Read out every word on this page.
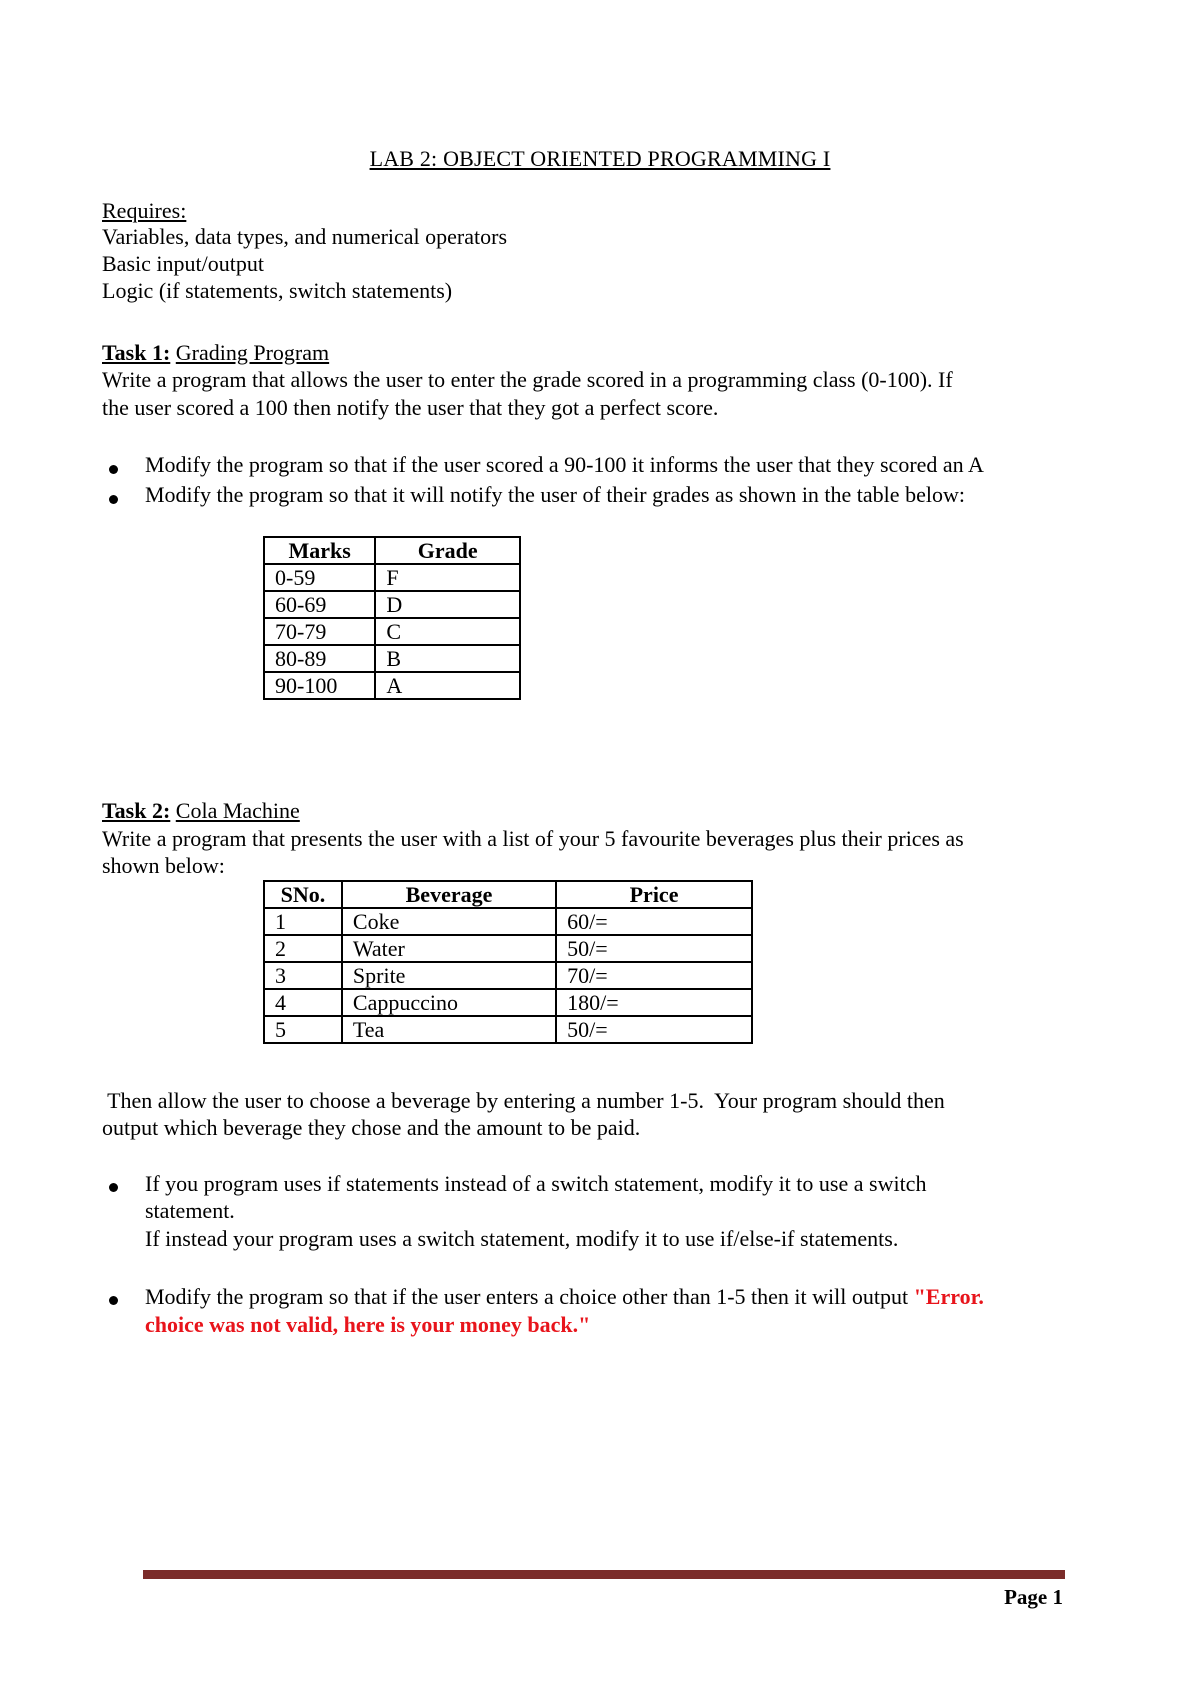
LAB 2: OBJECT ORIENTED PROGRAMMING I
Requires:
Variables, data types, and numerical operators
Basic input/output
Logic (if statements, switch statements)
Task 1: Grading Program
Write a program that allows the user to enter the grade scored in a programming class (0-100). If
the user scored a 100 then notify the user that they got a perfect score.
Modify the program so that if the user scored a 90-100 it informs the user that they scored an A
Modify the program so that it will notify the user of their grades as shown in the table below:
Marks	Grade
0-59	F
60-69	D
70-79	C
80-89	B
90-100	A
Task 2: Cola Machine
Write a program that presents the user with a list of your 5 favourite beverages plus their prices as
shown below:
SNo.	Beverage	Price
1	Coke	60/=
2	Water	50/=
3	Sprite	70/=
4	Cappuccino	180/=
5	Tea	50/=
Then allow the user to choose a beverage by entering a number 1-5.  Your program should then
output which beverage they chose and the amount to be paid.
If you program uses if statements instead of a switch statement, modify it to use a switch
statement.
If instead your program uses a switch statement, modify it to use if/else-if statements.
Modify the program so that if the user enters a choice other than 1-5 then it will output "Error.
choice was not valid, here is your money back."
Page 1
